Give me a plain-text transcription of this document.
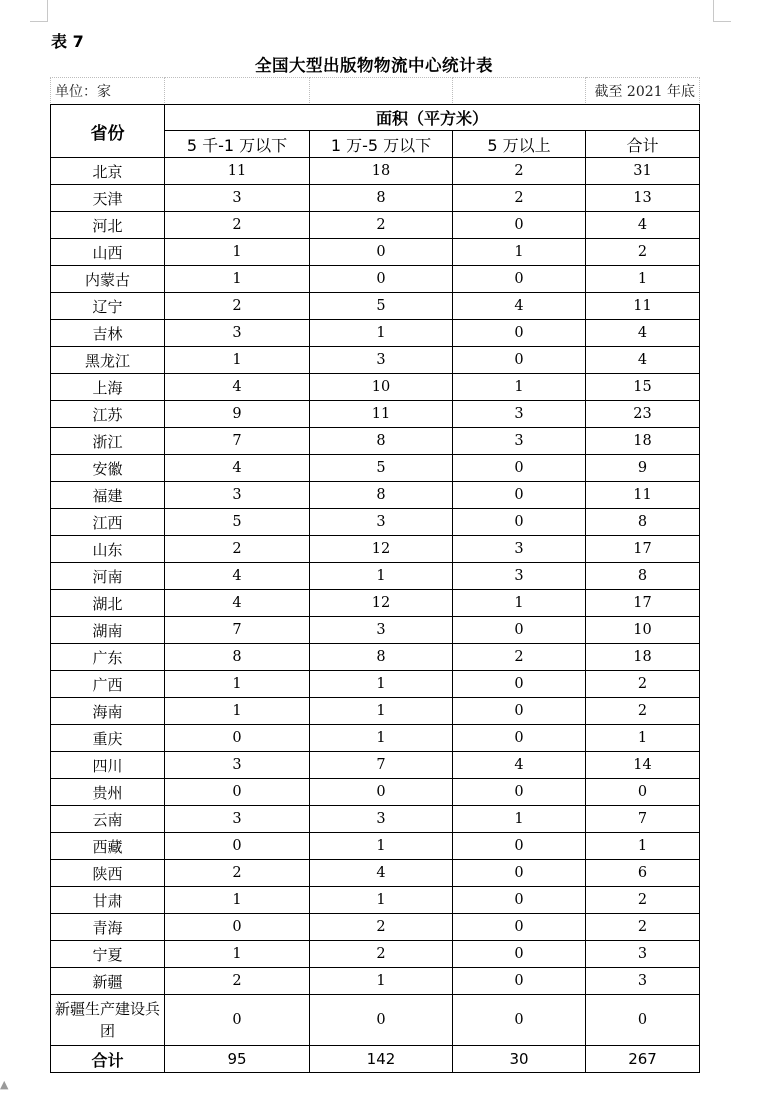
表 7
全国大型出版物物流中心统计表
单位：家				截至 2021 年底
省份	面积（平方米）			
	5 千-1 万以下	1 万-5 万以下	5 万以上	合计
北京	11	18	2	31
天津	3	8	2	13
河北	2	2	0	4
山西	1	0	1	2
内蒙古	1	0	0	1
辽宁	2	5	4	11
吉林	3	1	0	4
黑龙江	1	3	0	4
上海	4	10	1	15
江苏	9	11	3	23
浙江	7	8	3	18
安徽	4	5	0	9
福建	3	8	0	11
江西	5	3	0	8
山东	2	12	3	17
河南	4	1	3	8
湖北	4	12	1	17
湖南	7	3	0	10
广东	8	8	2	18
广西	1	1	0	2
海南	1	1	0	2
重庆	0	1	0	1
四川	3	7	4	14
贵州	0	0	0	0
云南	3	3	1	7
西藏	0	1	0	1
陕西	2	4	0	6
甘肃	1	1	0	2
青海	0	2	0	2
宁夏	1	2	0	3
新疆	2	1	0	3
新疆生产建设兵团	0	0	0	0
合计	95	142	30	267
▲
